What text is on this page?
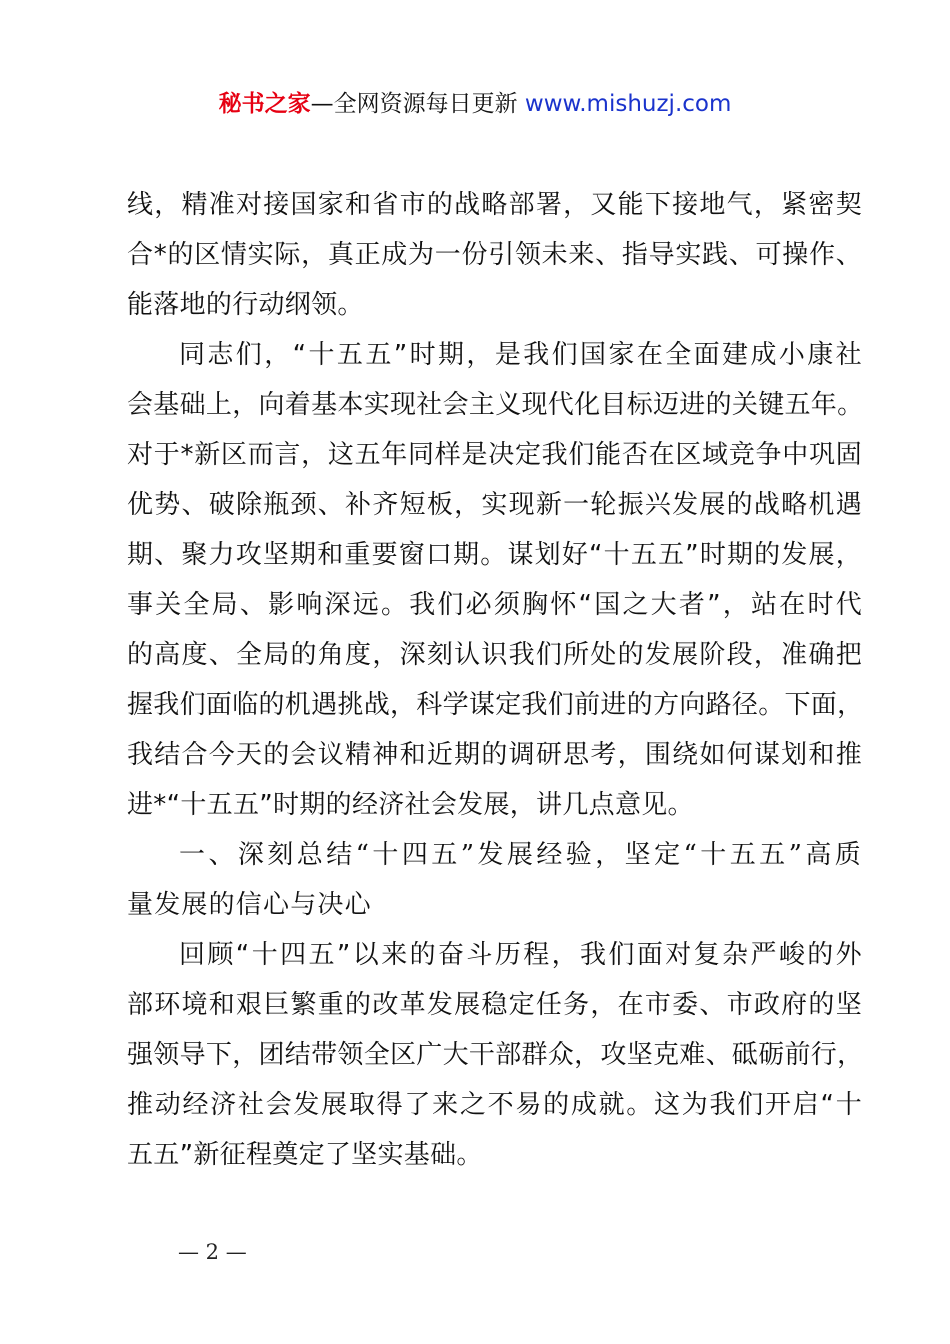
秘书之家—全网资源每日更新 www.mishuzj.com
线，精准对接国家和省市的战略部署，又能下接地气，紧密契
合*的区情实际，真正成为一份引领未来、指导实践、可操作、
能落地的行动纲领。
同志们，“十五五”时期，是我们国家在全面建成小康社
会基础上，向着基本实现社会主义现代化目标迈进的关键五年。
对于*新区而言，这五年同样是决定我们能否在区域竞争中巩固
优势、破除瓶颈、补齐短板，实现新一轮振兴发展的战略机遇
期、聚力攻坚期和重要窗口期。谋划好“十五五”时期的发展，
事关全局、影响深远。我们必须胸怀“国之大者”，站在时代
的高度、全局的角度，深刻认识我们所处的发展阶段，准确把
握我们面临的机遇挑战，科学谋定我们前进的方向路径。下面，
我结合今天的会议精神和近期的调研思考，围绕如何谋划和推
进*“十五五”时期的经济社会发展，讲几点意见。
一、深刻总结“十四五”发展经验，坚定“十五五”高质
量发展的信心与决心
回顾“十四五”以来的奋斗历程，我们面对复杂严峻的外
部环境和艰巨繁重的改革发展稳定任务，在市委、市政府的坚
强领导下，团结带领全区广大干部群众，攻坚克难、砥砺前行，
推动经济社会发展取得了来之不易的成就。这为我们开启“十
五五”新征程奠定了坚实基础。
— 2 —
